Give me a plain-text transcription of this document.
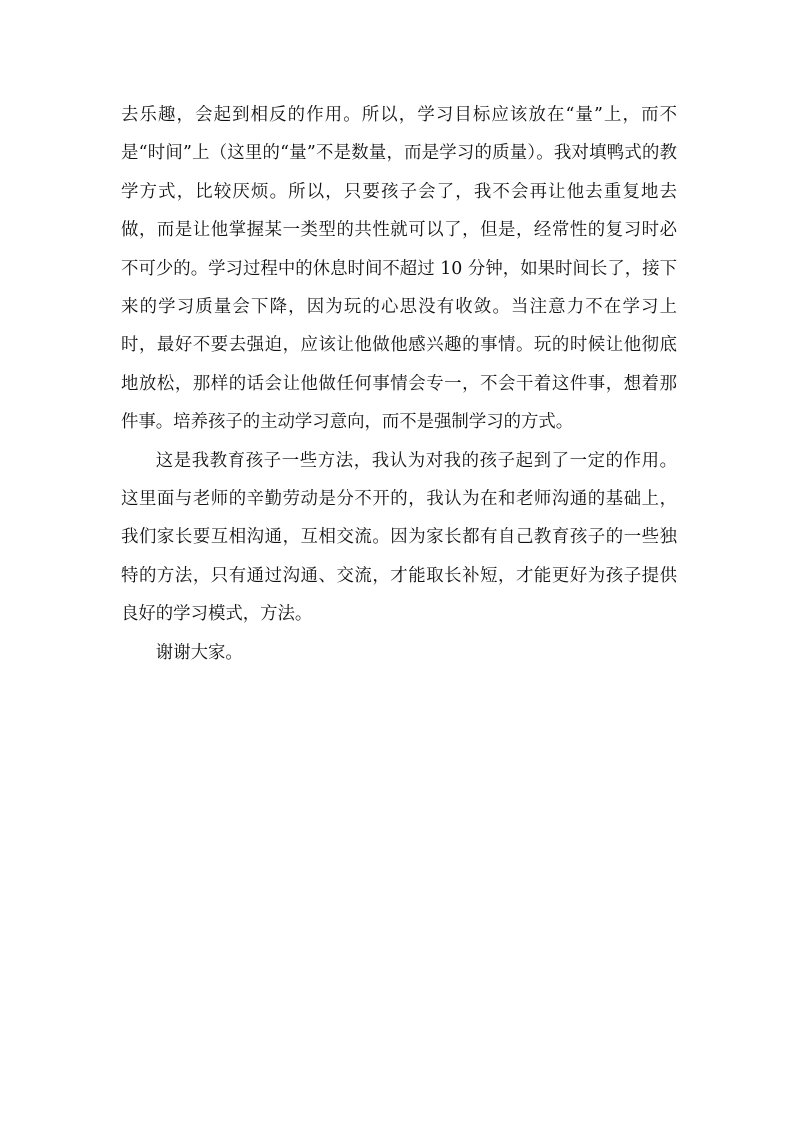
去乐趣，会起到相反的作用。所以，学习目标应该放在“量”上，而不是“时间”上（这里的“量”不是数量，而是学习的质量）。我对填鸭式的教学方式，比较厌烦。所以，只要孩子会了，我不会再让他去重复地去做，而是让他掌握某一类型的共性就可以了，但是，经常性的复习时必不可少的。学习过程中的休息时间不超过 10 分钟，如果时间长了，接下来的学习质量会下降，因为玩的心思没有收敛。当注意力不在学习上时，最好不要去强迫，应该让他做他感兴趣的事情。玩的时候让他彻底地放松，那样的话会让他做任何事情会专一，不会干着这件事，想着那件事。培养孩子的主动学习意向，而不是强制学习的方式。

这是我教育孩子一些方法，我认为对我的孩子起到了一定的作用。这里面与老师的辛勤劳动是分不开的，我认为在和老师沟通的基础上，我们家长要互相沟通，互相交流。因为家长都有自己教育孩子的一些独特的方法，只有通过沟通、交流，才能取长补短，才能更好为孩子提供良好的学习模式，方法。

谢谢大家。
